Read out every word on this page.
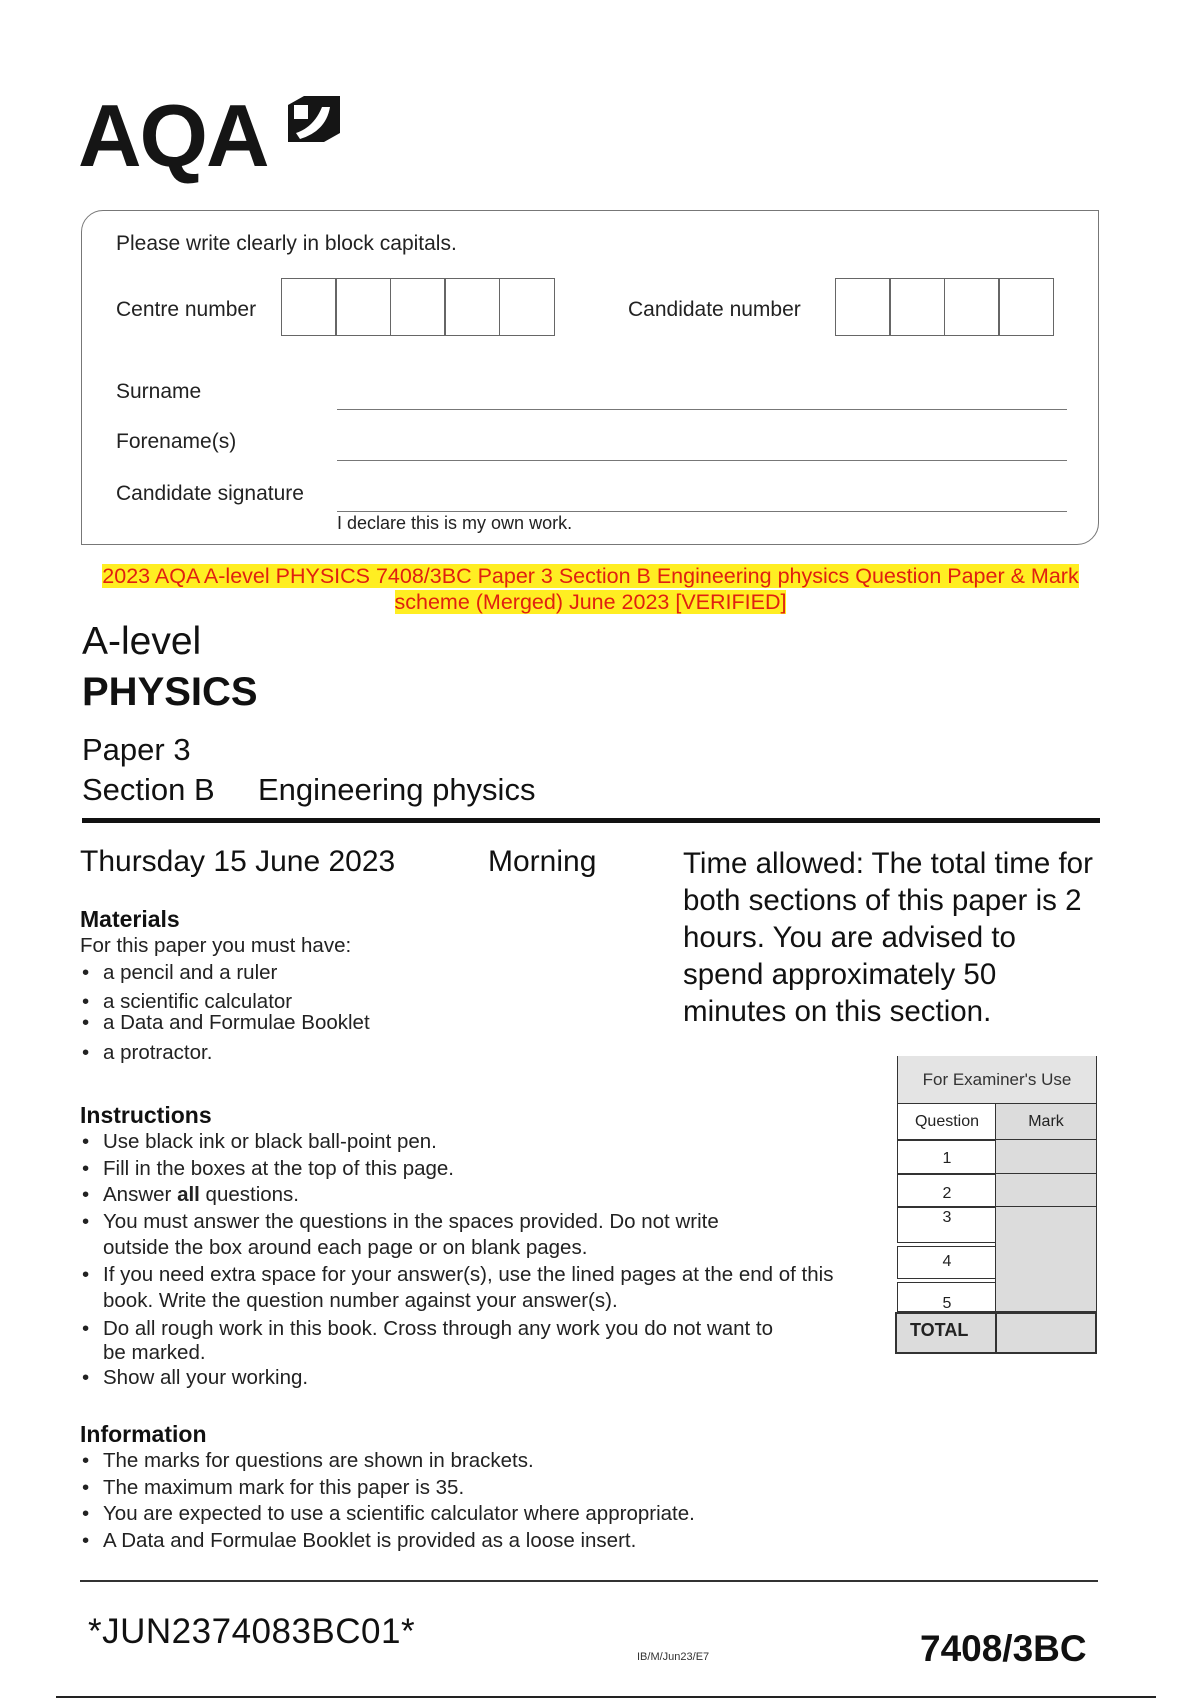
AQA
Please write clearly in block capitals.
Centre number	Candidate number
Surname
Forename(s)
Candidate signature
I declare this is my own work.
2023 AQA A-level PHYSICS 7408/3BC Paper 3 Section B Engineering physics Question Paper & Mark scheme (Merged) June 2023 [VERIFIED]
A-level
PHYSICS
Paper 3
Section B Engineering physics
Thursday 15 June 2023	Morning	Time allowed: The total time for both sections of this paper is 2 hours. You are advised to spend approximately 50 minutes on this section.
Materials
For this paper you must have:
• a pencil and a ruler
• a scientific calculator
• a Data and Formulae Booklet
• a protractor.
Instructions
• Use black ink or black ball-point pen.
• Fill in the boxes at the top of this page.
• Answer all questions.
• You must answer the questions in the spaces provided. Do not write outside the box around each page or on blank pages.
• If you need extra space for your answer(s), use the lined pages at the end of this book. Write the question number against your answer(s).
• Do all rough work in this book. Cross through any work you do not want to be marked.
• Show all your working.
Information
• The marks for questions are shown in brackets.
• The maximum mark for this paper is 35.
• You are expected to use a scientific calculator where appropriate.
• A Data and Formulae Booklet is provided as a loose insert.
For Examiner's Use
Question	Mark
1
2
3
4
5
TOTAL
*JUN2374083BC01*
IB/M/Jun23/E7	7408/3BC
